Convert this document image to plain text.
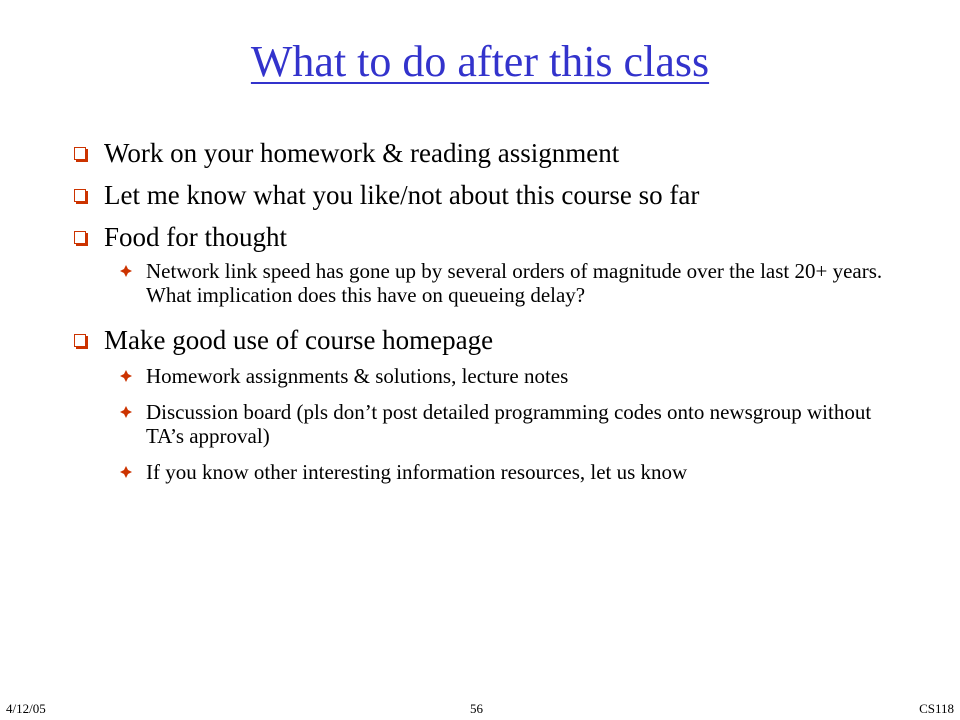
What to do after this class
Work on your homework & reading assignment
Let me know what you like/not about this course so far
Food for thought
Network link speed has gone up by several orders of magnitude over the last 20+ years. What implication does this have on queueing delay?
Make good use of course homepage
Homework assignments & solutions, lecture notes
Discussion board (pls don’t post detailed programming codes onto newsgroup without TA’s approval)
If you know other interesting information resources, let us know
4/12/05	56	CS118
